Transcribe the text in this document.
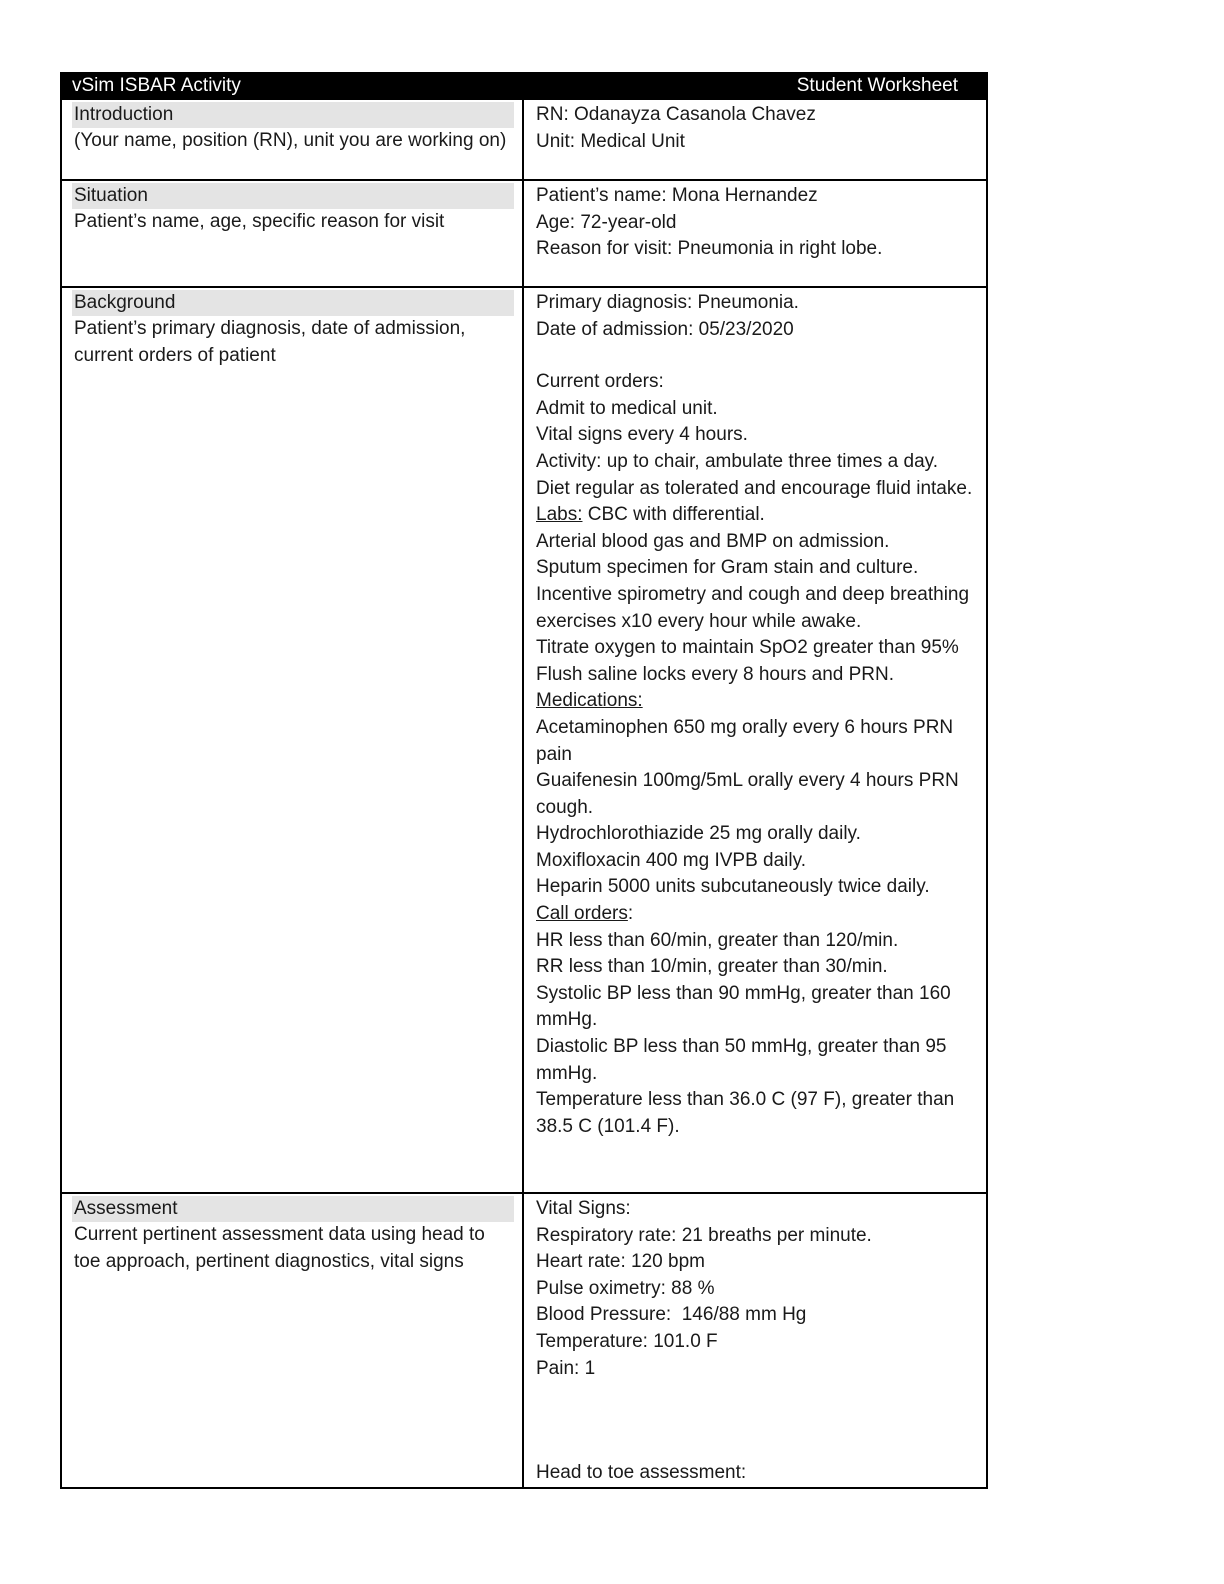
vSim ISBAR Activity	Student Worksheet
Introduction
(Your name, position (RN), unit you are working on)
RN: Odanayza Casanola Chavez
Unit: Medical Unit
Situation
Patient’s name, age, specific reason for visit
Patient’s name: Mona Hernandez
Age: 72-year-old
Reason for visit: Pneumonia in right lobe.
Background
Patient’s primary diagnosis, date of admission, current orders of patient
Primary diagnosis: Pneumonia.
Date of admission: 05/23/2020
Current orders:
Admit to medical unit.
Vital signs every 4 hours.
Activity: up to chair, ambulate three times a day.
Diet regular as tolerated and encourage fluid intake.
Labs: CBC with differential.
Arterial blood gas and BMP on admission.
Sputum specimen for Gram stain and culture.
Incentive spirometry and cough and deep breathing exercises x10 every hour while awake.
Titrate oxygen to maintain SpO2 greater than 95%
Flush saline locks every 8 hours and PRN.
Medications:
Acetaminophen 650 mg orally every 6 hours PRN pain
Guaifenesin 100mg/5mL orally every 4 hours PRN cough.
Hydrochlorothiazide 25 mg orally daily.
Moxifloxacin 400 mg IVPB daily.
Heparin 5000 units subcutaneously twice daily.
Call orders:
HR less than 60/min, greater than 120/min.
RR less than 10/min, greater than 30/min.
Systolic BP less than 90 mmHg, greater than 160 mmHg.
Diastolic BP less than 50 mmHg, greater than 95 mmHg.
Temperature less than 36.0 C (97 F), greater than 38.5 C (101.4 F).
Assessment
Current pertinent assessment data using head to toe approach, pertinent diagnostics, vital signs
Vital Signs:
Respiratory rate: 21 breaths per minute.
Heart rate: 120 bpm
Pulse oximetry: 88 %
Blood Pressure:  146/88 mm Hg
Temperature: 101.0 F
Pain: 1
Head to toe assessment:
